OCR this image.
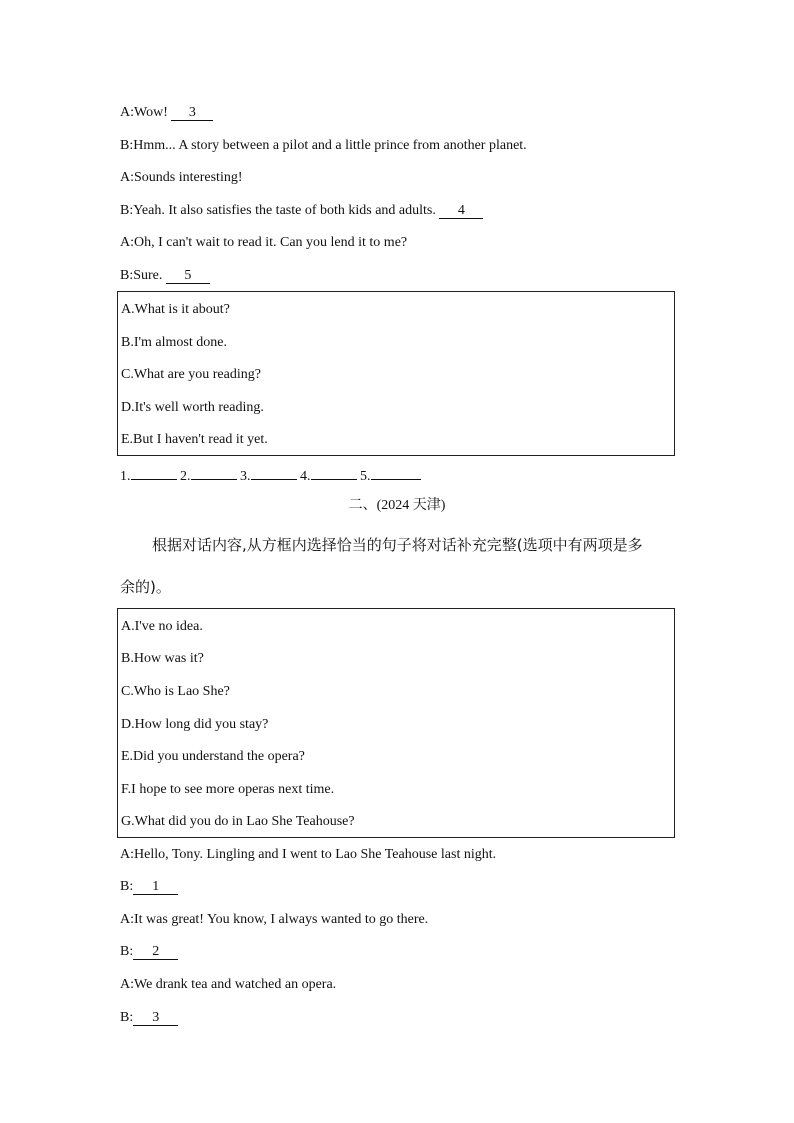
A:Wow! 3
B:Hmm... A story between a pilot and a little prince from another planet.
A:Sounds interesting!
B:Yeah. It also satisfies the taste of both kids and adults. 4
A:Oh, I can't wait to read it. Can you lend it to me?
B:Sure. 5
A.What is it about?
B.I'm almost done.
C.What are you reading?
D.It's well worth reading.
E.But I haven't read it yet.
1.	2.	3.	4.	5.
二、(2024 天津)
根据对话内容,从方框内选择恰当的句子将对话补充完整(选项中有两项是多
余的)。
A.I've no idea.
B.How was it?
C.Who is Lao She?
D.How long did you stay?
E.Did you understand the opera?
F.I hope to see more operas next time.
G.What did you do in Lao She Teahouse?
A:Hello, Tony. Lingling and I went to Lao She Teahouse last night.
B: 1
A:It was great! You know, I always wanted to go there.
B: 2
A:We drank tea and watched an opera.
B: 3
